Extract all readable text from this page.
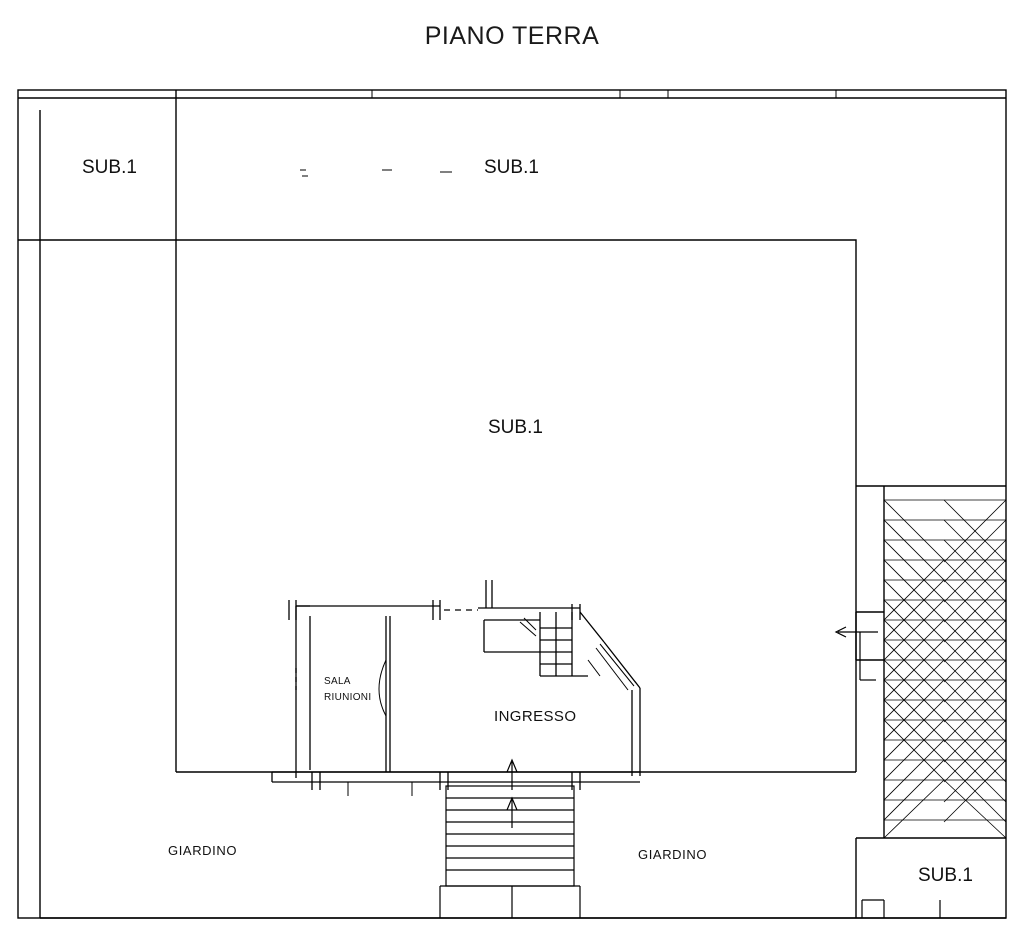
PIANO TERRA
SUB.1	SUB.1
SUB.1
SUB.1
GIARDINO	GIARDINO
INGRESSO
SALA
RIUNIONI
